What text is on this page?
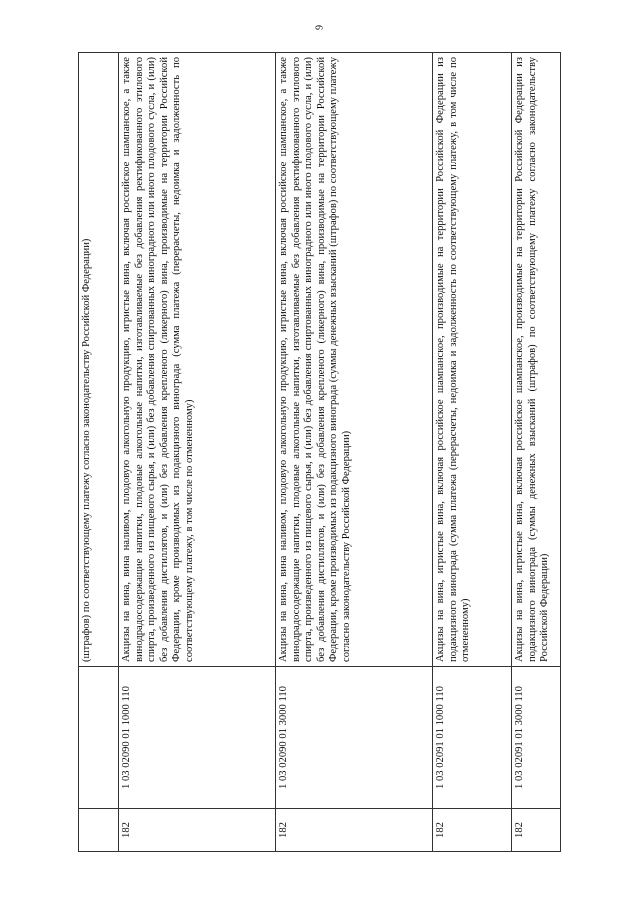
9
		(штрафов) по соответствующему платежу согласно законодательству Российской Федерации)
182	1 03 02090 01 1000 110	Акцизы на вина, вина наливом, плодовую алкогольную продукцию, игристые вина, включая российское шампанское, а также винодрадосодержащие напитки, плодовые алкогольные напитки, изготавливаемые без добавления ректификованного этилового спирта, произведенного из пищевого сырья, и (или) без добавления спиртованных виноградного или иного плодового сусла, и (или) без добавления дистиллятов, и (или) без добавления крепленого (ликерного) вина, производимые на территории Российской Федерации, кроме производимых из подакцизного винограда (сумма платежа (перерасчеты, недоимка и задолженность по соответствующему платежу, в том числе по отмененному)
182	1 03 02090 01 3000 110	Акцизы на вина, вина наливом, плодовую алкогольную продукцию, игристые вина, включая российское шампанское, а также винодрадосодержащие напитки, плодовые алкогольные напитки, изготавливаемые без добавления ректификованного этилового спирта, произведенного из пищевого сырья, и (или) без добавления спиртованных виноградного или иного плодового сусла, и (или) без добавления дистиллятов, и (или) без добавления крепленого (ликерного) вина, производимые на территории Российской Федерации, кроме производимых из подакцизного винограда (суммы денежных взысканий (штрафов) по соответствующему платежу согласно законодательству Российской Федерации)
182	1 03 02091 01 1000 110	Акцизы на вина, игристые вина, включая российское шампанское, производимые на территории Российской Федерации из подакцизного винограда (сумма платежа (перерасчеты, недоимка и задолженность по соответствующему платежу, в том числе по отмененному)
182	1 03 02091 01 3000 110	Акцизы на вина, игристые вина, включая российское шампанское, производимые на территории Российской Федерации из подакцизного винограда (суммы денежных взысканий (штрафов) по соответствующему платежу согласно законодательству Российской Федерации)
